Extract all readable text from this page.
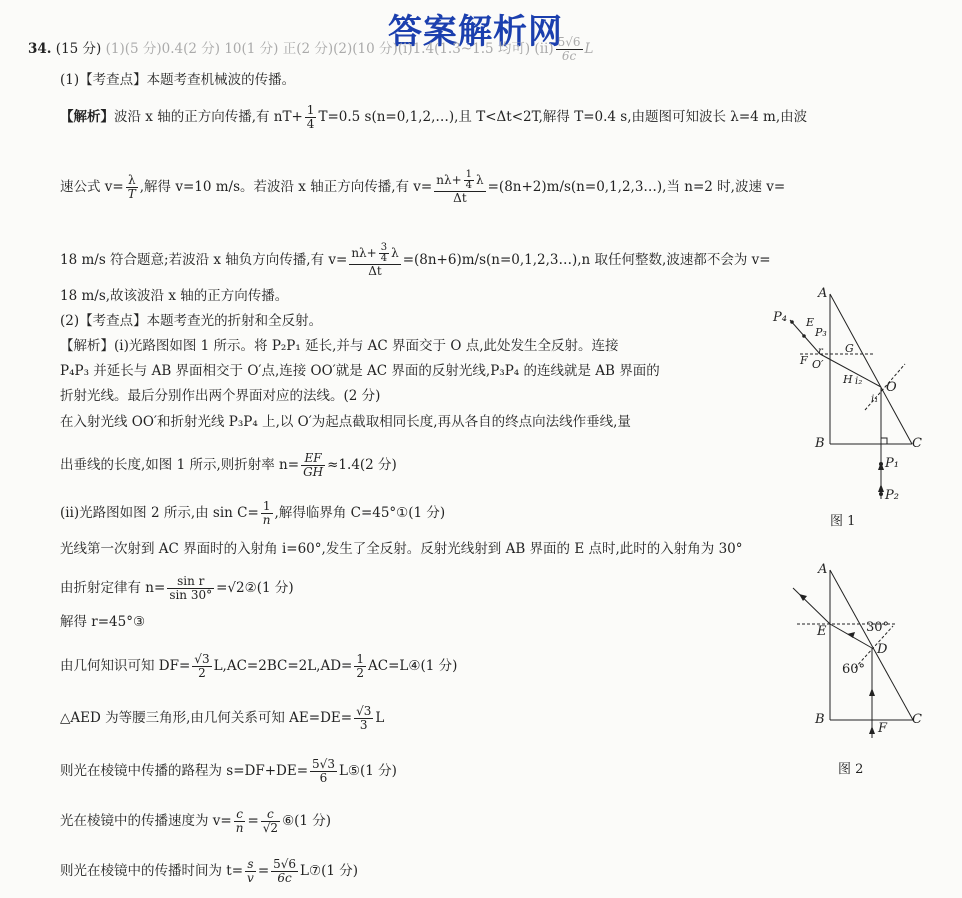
答案解析网
34. (15 分) (1)(5 分)0.4(2 分) 10(1 分) 正(2 分)(2)(10 分)(ⅰ)1.4(1.3~1.5 均可) (ⅱ) $\frac{5√6}{6c}$ L
(1)【考查点】本题考查机械波的传播。
【解析】波沿 x 轴的正方向传播,有 $nT+ \frac{1}{4} T=0.5$ s(n=0,1,2,…),且 T<Δt<2T,解得 T=0.4 s,由题图可知波长 λ=4 m,由波
速公式 $v= \frac{\lambda}{T}$ ,解得 v=10 m/s。若波沿 x 轴正方向传播,有 $v= \frac{n\lambda+ \frac{1}{4} \lambda}{\Delta t}$ =(8n+2)m/s(n=0,1,2,3…),当 n=2 时,波速 v=
18 m/s 符合题意;若波沿 x 轴负方向传播,有 $v= \frac{n\lambda+ \frac{3}{4} \lambda}{\Delta t}$ =(8n+6)m/s(n=0,1,2,3…),n 取任何整数,波速都不会为 v=
18 m/s,故该波沿 x 轴的正方向传播。
(2)【考查点】本题考查光的折射和全反射。
【解析】(ⅰ)光路图如图 1 所示。将 P₂P₁ 延长,并与 AC 界面交于 O 点,此处发生全反射。连接
P₄P₃ 并延长与 AB 界面相交于 O′点,连接 OO′就是 AC 界面的反射光线,P₃P₄ 的连线就是 AB 界面的
折射光线。最后分别作出两个界面对应的法线。(2 分)
在入射光线 OO′和折射光线 P₃P₄ 上,以 O′为起点截取相同长度,再从各自的终点向法线作垂线,量
出垂线的长度,如图 1 所示,则折射率 $n= \frac{EF}{GH} \approx 1.4(2$ 分)
(ⅱ)光路图如图 2 所示,由 $\sin C= \frac{1}{n}$ ,解得临界角 C=45°①(1 分)
光线第一次射到 AC 界面时的入射角 i=60°,发生了全反射。反射光线射到 AB 界面的 E 点时,此时的入射角为 30°
由折射定律有 $n= \frac{\text{sin r}}{\sin 30^\circ}$ =√2②(1 分)
解得 r=45°③
由几何知识可知 $DF= \frac{√3}{2} L,AC=2BC=2L,AD= \frac{1}{2}$ AC=L④(1 分)
△AED 为等腰三角形,由几何关系可知 $AE=DE= \frac{√3}{3}$ L
则光在棱镜中传播的路程为 $s=DF+DE= \frac{5√3}{6}$ L⑤(1 分)
光在棱镜中的传播速度为 $v= \frac{c}{n} = \frac{c}{√2}$ ⑥(1 分)
则光在棱镜中的传播时间为 $t= \frac{s}{v} = \frac{5√6}{6c}$ L⑦(1 分)
A
B	C
P₁
P₂
P₄ E
P₃
F O′
r G
H i₂ O
i₁
图 1
A
E	30°
D
60°
B	C
F
图 2
